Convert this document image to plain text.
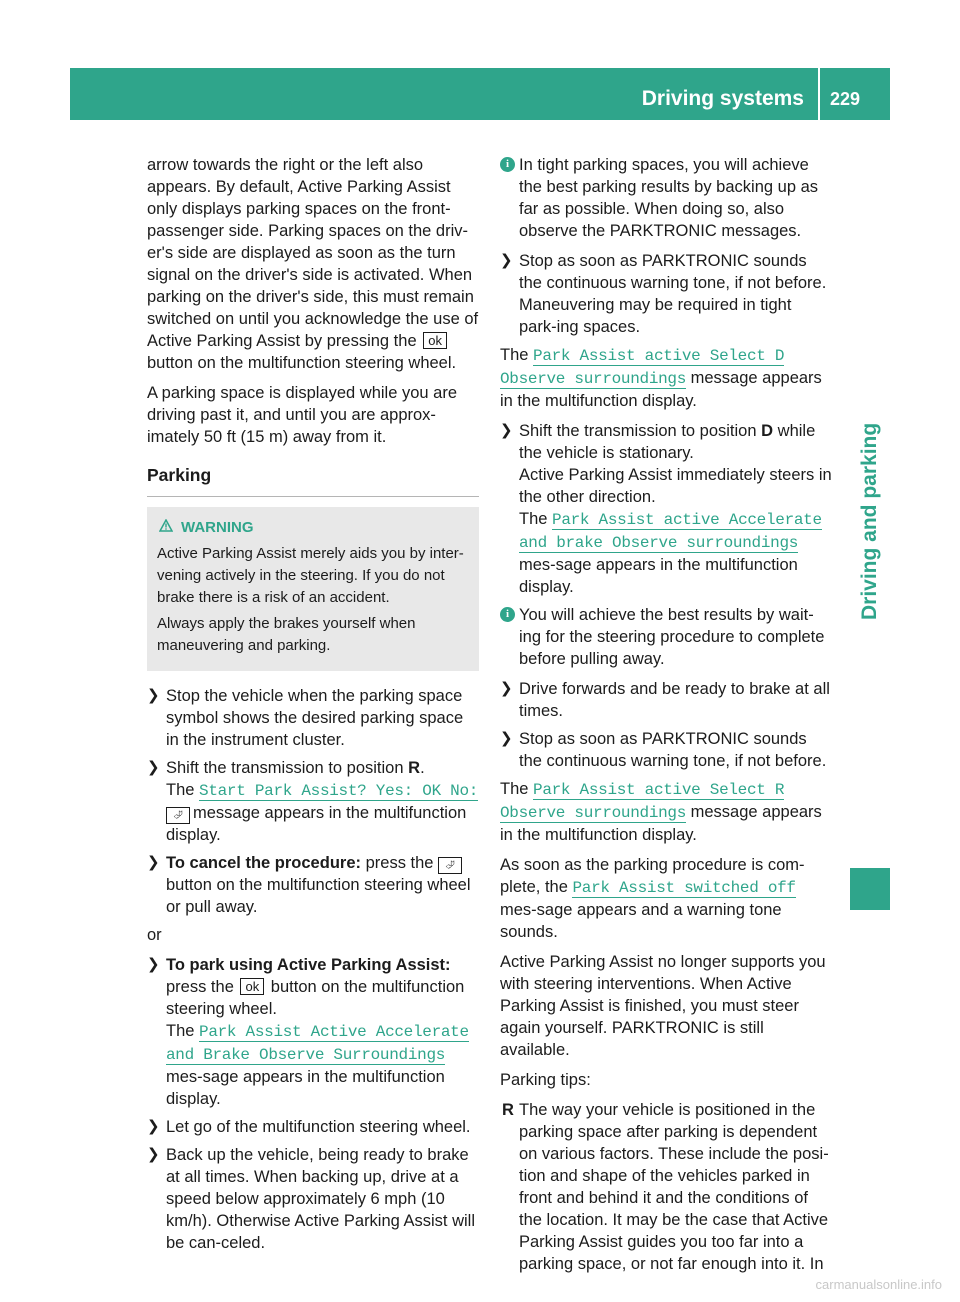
Driving systems	229
Driving and parking

arrow towards the right or the left also appears. By default, Active Parking Assist only displays parking spaces on the front-passenger side. Parking spaces on the driv-er's side are displayed as soon as the turn signal on the driver's side is activated. When parking on the driver's side, this must remain switched on until you acknowledge the use of Active Parking Assist by pressing the ok button on the multifunction steering wheel.

A parking space is displayed while you are driving past it, and until you are approx-imately 50 ft (15 m) away from it.

Parking
WARNING

Active Parking Assist merely aids you by inter-vening actively in the steering. If you do not brake there is a risk of an accident.

Always apply the brakes yourself when maneuvering and parking.

❯ Stop the vehicle when the parking space symbol shows the desired parking space in the instrument cluster.
❯ Shift the transmission to position R.
The Start Park Assist? Yes: OK No:
⮰ message appears in the multifunction display.
❯ To cancel the procedure: press the ⮰button on the multifunction steering wheel or pull away.

or

❯ To park using Active Parking Assist:
press the ok button on the multifunction steering wheel.
The Park Assist Active Accelerate
and Brake Observe Surroundings mes-sage appears in the multifunction display.
❯ Let go of the multifunction steering wheel.
❯ Back up the vehicle, being ready to brake at all times. When backing up, drive at a speed below approximately 6 mph (10 km/h). Otherwise Active Parking Assist will be can-celed.
i In tight parking spaces, you will achieve the best parking results by backing up as far as possible. When doing so, also observe the PARKTRONIC messages.
❯ Stop as soon as PARKTRONIC sounds the continuous warning tone, if not before. Maneuvering may be required in tight park-ing spaces.

The Park Assist active Select D
Observe surroundings message appears in the multifunction display.

❯ Shift the transmission to position D while the vehicle is stationary.
Active Parking Assist immediately steers in the other direction.
The Park Assist active Accelerate
and brake Observe surroundings mes-sage appears in the multifunction display.
i You will achieve the best results by wait-ing for the steering procedure to complete before pulling away.
❯ Drive forwards and be ready to brake at all times.
❯ Stop as soon as PARKTRONIC sounds the continuous warning tone, if not before.

The Park Assist active Select R
Observe surroundings message appears in the multifunction display.

As soon as the parking procedure is com-plete, the Park Assist switched off mes-sage appears and a warning tone sounds.

Active Parking Assist no longer supports you with steering interventions. When Active Parking Assist is finished, you must steer again yourself. PARKTRONIC is still available.

Parking tips:

R The way your vehicle is positioned in the parking space after parking is dependent on various factors. These include the posi-tion and shape of the vehicles parked in front and behind it and the conditions of the location. It may be the case that Active Parking Assist guides you too far into a parking space, or not far enough into it. In
carmanualsonline.info
